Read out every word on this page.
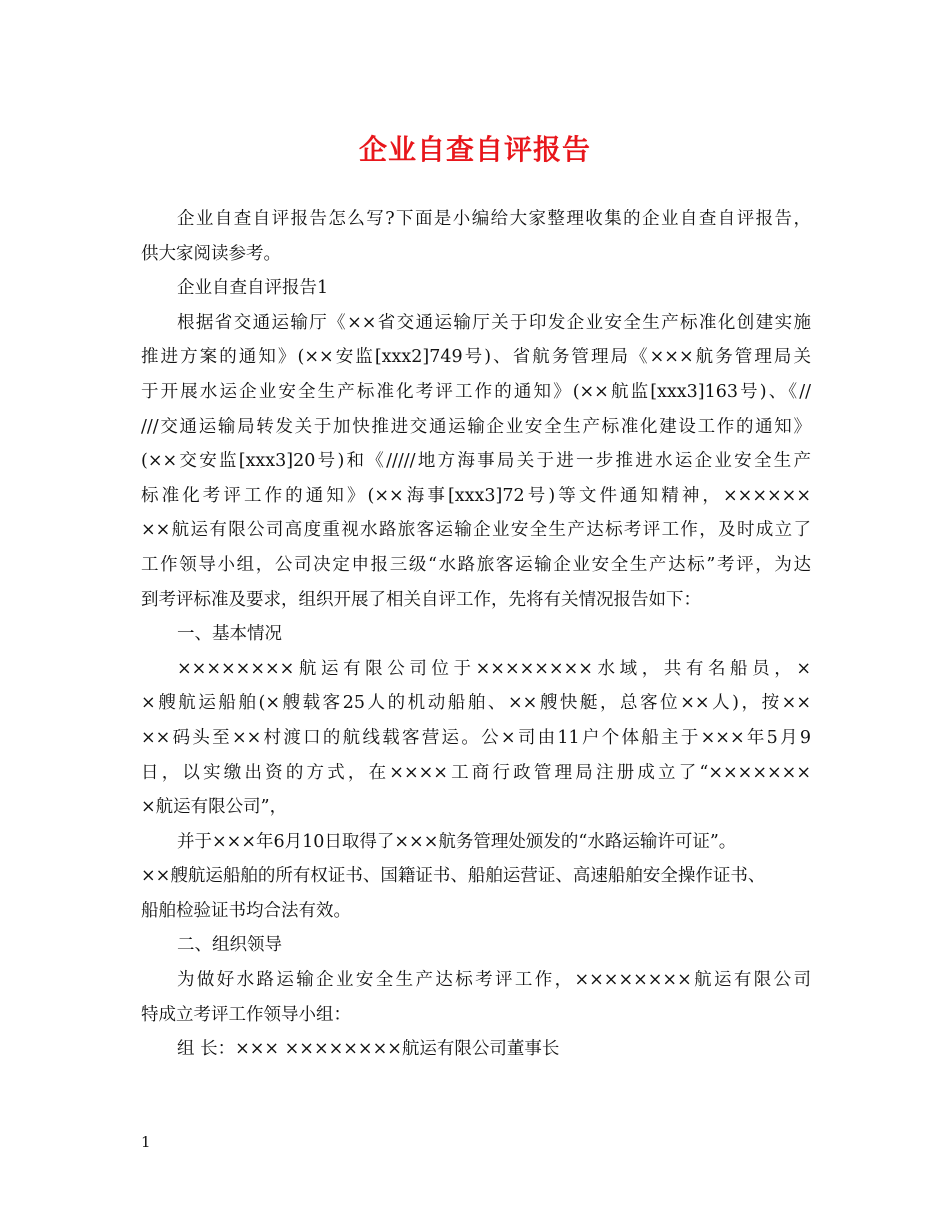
企业自查自评报告
企业自查自评报告怎么写?下面是小编给大家整理收集的企业自查自评报告，
供大家阅读参考。
企业自查自评报告1
根据省交通运输厅《××省交通运输厅关于印发企业安全生产标准化创建实施
推进方案的通知》(××安监[xxx2]749号)、省航务管理局《×××航务管理局关
于开展水运企业安全生产标准化考评工作的通知》(××航监[xxx3]163号)、《//
///交通运输局转发关于加快推进交通运输企业安全生产标准化建设工作的通知》
(××交安监[xxx3]20号)和《/////地方海事局关于进一步推进水运企业安全生产
标准化考评工作的通知》(××海事[xxx3]72号)等文件通知精神，××××××
××航运有限公司高度重视水路旅客运输企业安全生产达标考评工作，及时成立了
工作领导小组，公司决定申报三级“水路旅客运输企业安全生产达标”考评，为达
到考评标准及要求，组织开展了相关自评工作，先将有关情况报告如下：
一、基本情况
××××××××航运有限公司位于××××××××水域，共有名船员，×
×艘航运船舶(×艘载客25人的机动船舶、××艘快艇，总客位××人)，按××
××码头至××村渡口的航线载客营运。公×司由11户个体船主于×××年5月9
日，以实缴出资的方式，在××××工商行政管理局注册成立了“×××××××
×航运有限公司”，
并于×××年6月10日取得了×××航务管理处颁发的“水路运输许可证”。
××艘航运船舶的所有权证书、国籍证书、船舶运营证、高速船舶安全操作证书、
船舶检验证书均合法有效。
二、组织领导
为做好水路运输企业安全生产达标考评工作，××××××××航运有限公司
特成立考评工作领导小组：
组 长：××× ××××××××航运有限公司董事长
1
